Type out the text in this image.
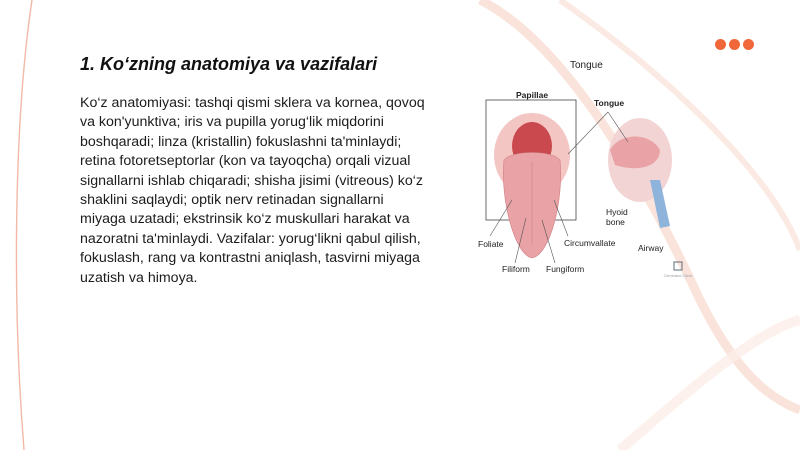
1. Ko‘zning anatomiya va vazifalari

Ko‘z anatomiyasi: tashqi qismi sklera va kornea, qovoq va kon'yunktiva; iris va pupilla yorug‘lik miqdorini boshqaradi; linza (kristallin) fokuslashni ta'minlaydi; retina fotoretseptorlar (kon va tayoqcha) orqali vizual signallarni ishlab chiqaradi; shisha jisimi (vitreous) ko‘z shaklini saqlaydi; optik nerv retinadan signallarni miyaga uzatadi; ekstrinsik ko‘z muskullari harakat va nazoratni ta'minlaydi. Vazifalar: yorug‘likni qabul qilish, fokuslash, rang va kontrastni aniqlash, tasvirni miyaga uzatish va himoya.

Tongue
Papillae
Tongue
Hyoid
bone
Foliate	Circumvallate	Airway
Filiform Fungiform
Cleveland Clinic
